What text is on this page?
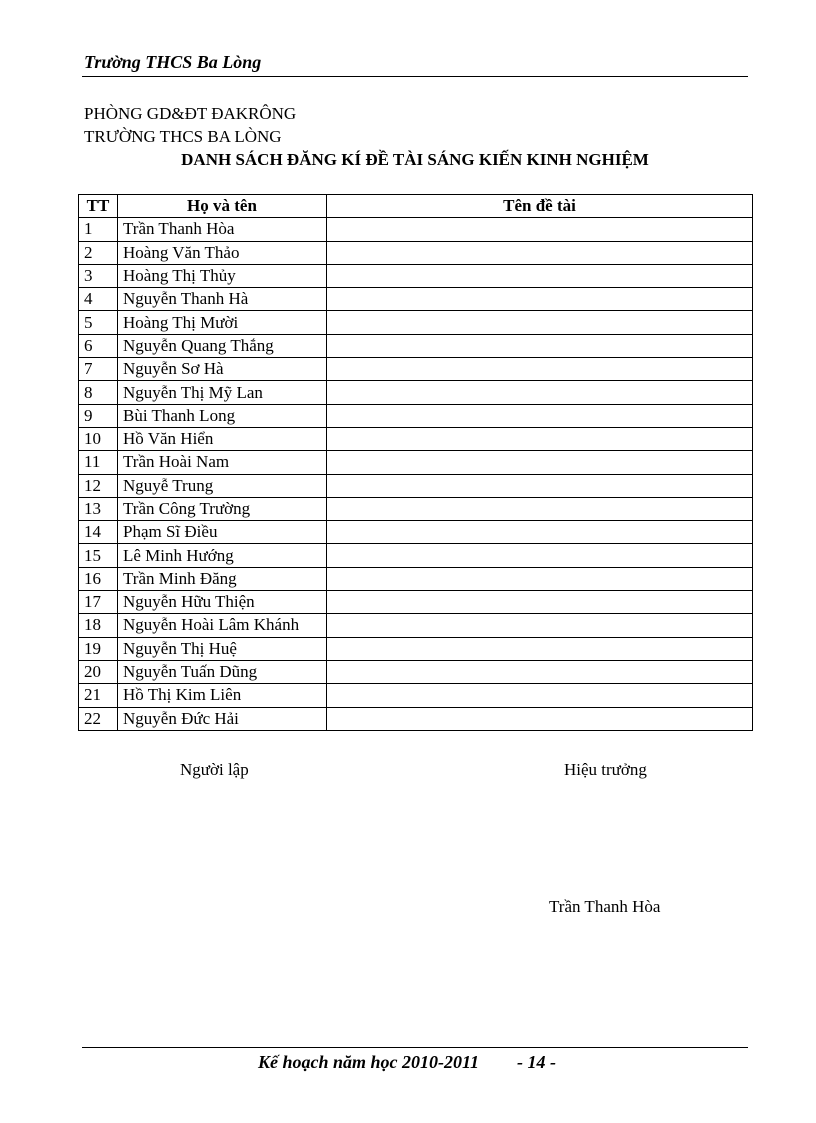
Trường THCS Ba Lòng
PHÒNG GD&ĐT ĐAKRÔNG
TRƯỜNG THCS BA LÒNG
DANH SÁCH ĐĂNG KÍ ĐỀ TÀI SÁNG KIẾN KINH NGHIỆM
TT	Họ và tên	Tên đề tài
1	Trần Thanh Hòa	
2	Hoàng Văn Thảo	
3	Hoàng Thị Thủy	
4	Nguyễn Thanh Hà	
5	Hoàng Thị Mười	
6	Nguyễn Quang Thắng	
7	Nguyễn Sơ Hà	
8	Nguyễn Thị Mỹ Lan	
9	Bùi Thanh Long	
10	Hồ Văn Hiển	
11	Trần Hoài Nam	
12	Nguyễ Trung	
13	Trần Công Trường	
14	Phạm Sĩ Điều	
15	Lê Minh Hướng	
16	Trần Minh Đăng	
17	Nguyễn Hữu Thiện	
18	Nguyễn Hoài Lâm Khánh	
19	Nguyễn Thị Huệ	
20	Nguyễn Tuấn Dũng	
21	Hồ Thị Kim Liên	
22	Nguyễn Đức Hải	
Người lập	Hiệu trưởng
Trần Thanh Hòa
Kế hoạch năm học 2010-2011 - 14 -
